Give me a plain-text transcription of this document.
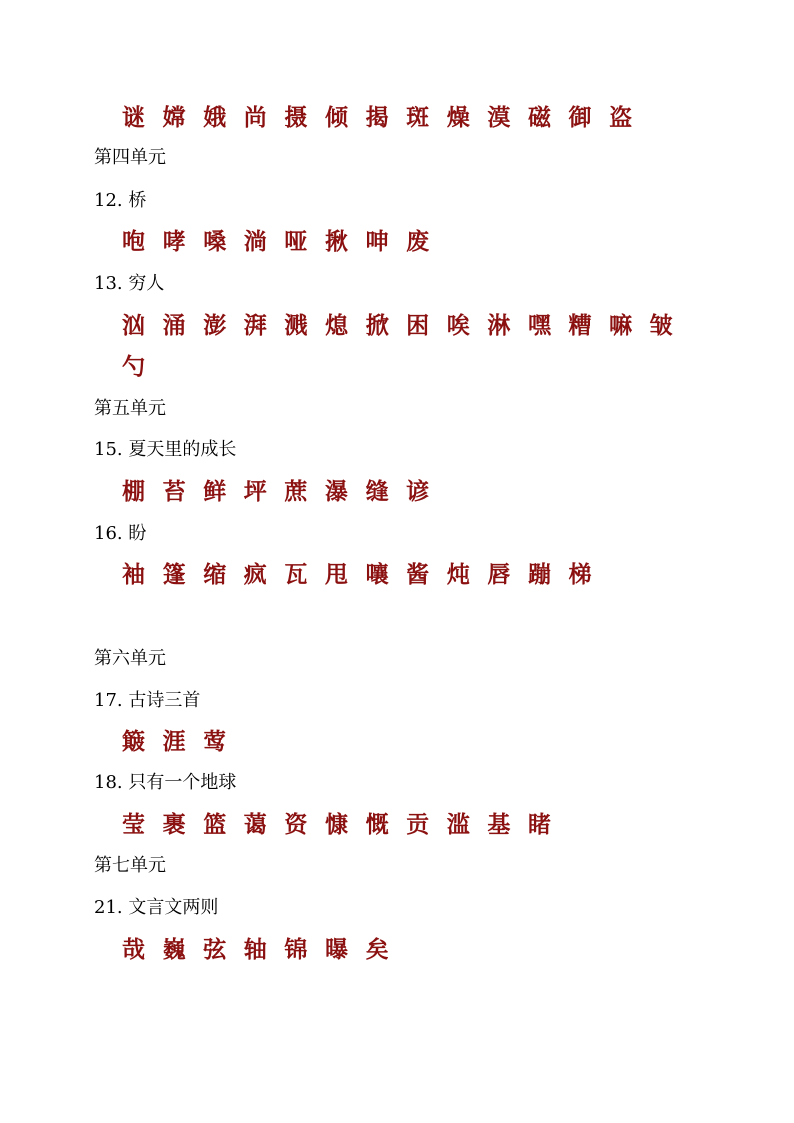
谜 嫦 娥 尚 摄 倾 揭 斑 燥 漠 磁 御 盗
第四单元
12. 桥
咆 哮 嗓 淌 哑 揪 呻 废
13. 穷人
汹 涌 澎 湃 溅 熄 掀 困 唉 淋 嘿 糟 嘛 皱
勺
第五单元
15. 夏天里的成长
棚 苔 鲜 坪 蔗 瀑 缝 谚
16. 盼
袖 篷 缩 疯 瓦 甩 嚷 酱 炖 唇 蹦 梯
第六单元
17. 古诗三首
簸 涯 莺
18. 只有一个地球
莹 裹 篮 蔼 资 慷 慨 贡 滥 基 睹
第七单元
21. 文言文两则
哉 巍 弦 轴 锦 曝 矣
